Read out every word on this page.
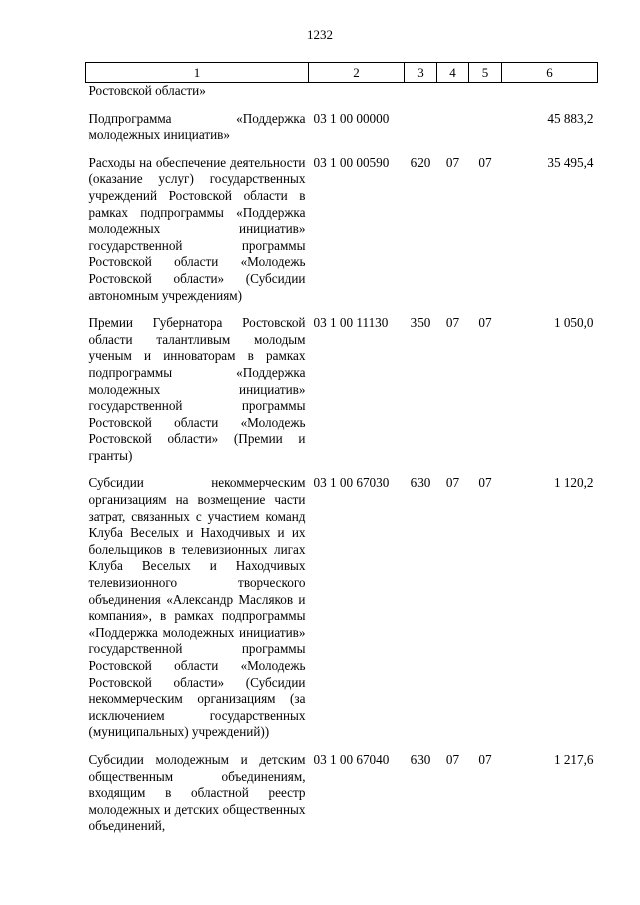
1232
1	2	3	4	5	6
Ростовской области»					
Подпрограмма «Поддержка молодежных инициатив»	03 1 00 00000				45 883,2
Расходы на обеспечение деятельности (оказание услуг) государственных учреждений Ростовской области в рамках подпрограммы «Поддержка молодежных инициатив» государственной программы Ростовской области «Молодежь Ростовской области» (Субсидии автономным учреждениям)	03 1 00 00590	620	07	07	35 495,4
Премии Губернатора Ростовской области талантливым молодым ученым и инноваторам в рамках подпрограммы «Поддержка молодежных инициатив» государственной программы Ростовской области «Молодежь Ростовской области» (Премии и гранты)	03 1 00 11130	350	07	07	1 050,0
Субсидии некоммерческим организациям на возмещение части затрат, связанных с участием команд Клуба Веселых и Находчивых и их болельщиков в телевизионных лигах Клуба Веселых и Находчивых телевизионного творческого объединения «Александр Масляков и компания», в рамках подпрограммы «Поддержка молодежных инициатив» государственной программы Ростовской области «Молодежь Ростовской области» (Субсидии некоммерческим организациям (за исключением государственных (муниципальных) учреждений))	03 1 00 67030	630	07	07	1 120,2
Субсидии молодежным и детским общественным объединениям, входящим в областной реестр молодежных и детских общественных объединений,	03 1 00 67040	630	07	07	1 217,6
